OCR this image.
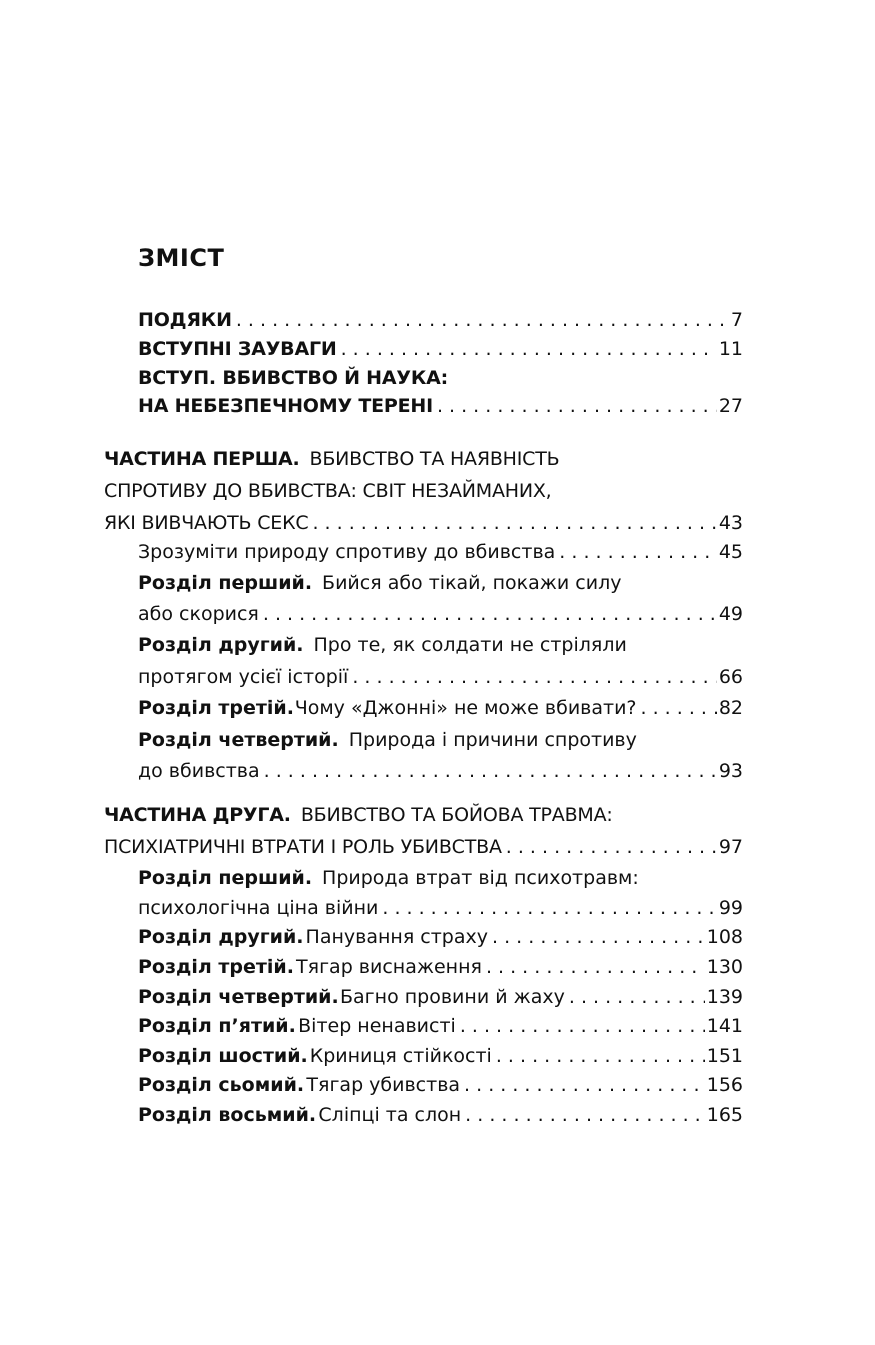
ЗМІСТ
ПОДЯКИ . . .	7
ВСТУПНІ ЗАУВАГИ . . .	11
ВСТУП. ВБИВСТВО Й НАУКА:
НА НЕБЕЗПЕЧНОМУ ТЕРЕНІ . . .	27
ЧАСТИНА ПЕРША. ВБИВСТВО ТА НАЯВНІСТЬ
СПРОТИВУ ДО ВБИВСТВА: СВІТ НЕЗАЙМАНИХ,
ЯКІ ВИВЧАЮТЬ СЕКС . . .	43
Зрозуміти природу спротиву до вбивства . . .	45
Розділ перший. Бийся або тікай, покажи силу
або скорися . . .	49
Розділ другий. Про те, як солдати не стріляли
протягом усієї історії . . .	66
Розділ третій. Чому «Джонні» не може вбивати? . . .	82
Розділ четвертий. Природа і причини спротиву
до вбивства . . .	93
ЧАСТИНА ДРУГА. ВБИВСТВО ТА БОЙОВА ТРАВМА:
ПСИХІАТРИЧНІ ВТРАТИ І РОЛЬ УБИВСТВА . . .	97
Розділ перший. Природа втрат від психотравм:
психологічна ціна війни . . .	99
Розділ другий. Панування страху . . .	108
Розділ третій. Тягар виснаження . . .	130
Розділ четвертий. Багно провини й жаху . . .	139
Розділ п’ятий. Вітер ненависті . . .	141
Розділ шостий. Криниця стійкості . . .	151
Розділ сьомий. Тягар убивства . . .	156
Розділ восьмий. Сліпці та слон . . .	165
